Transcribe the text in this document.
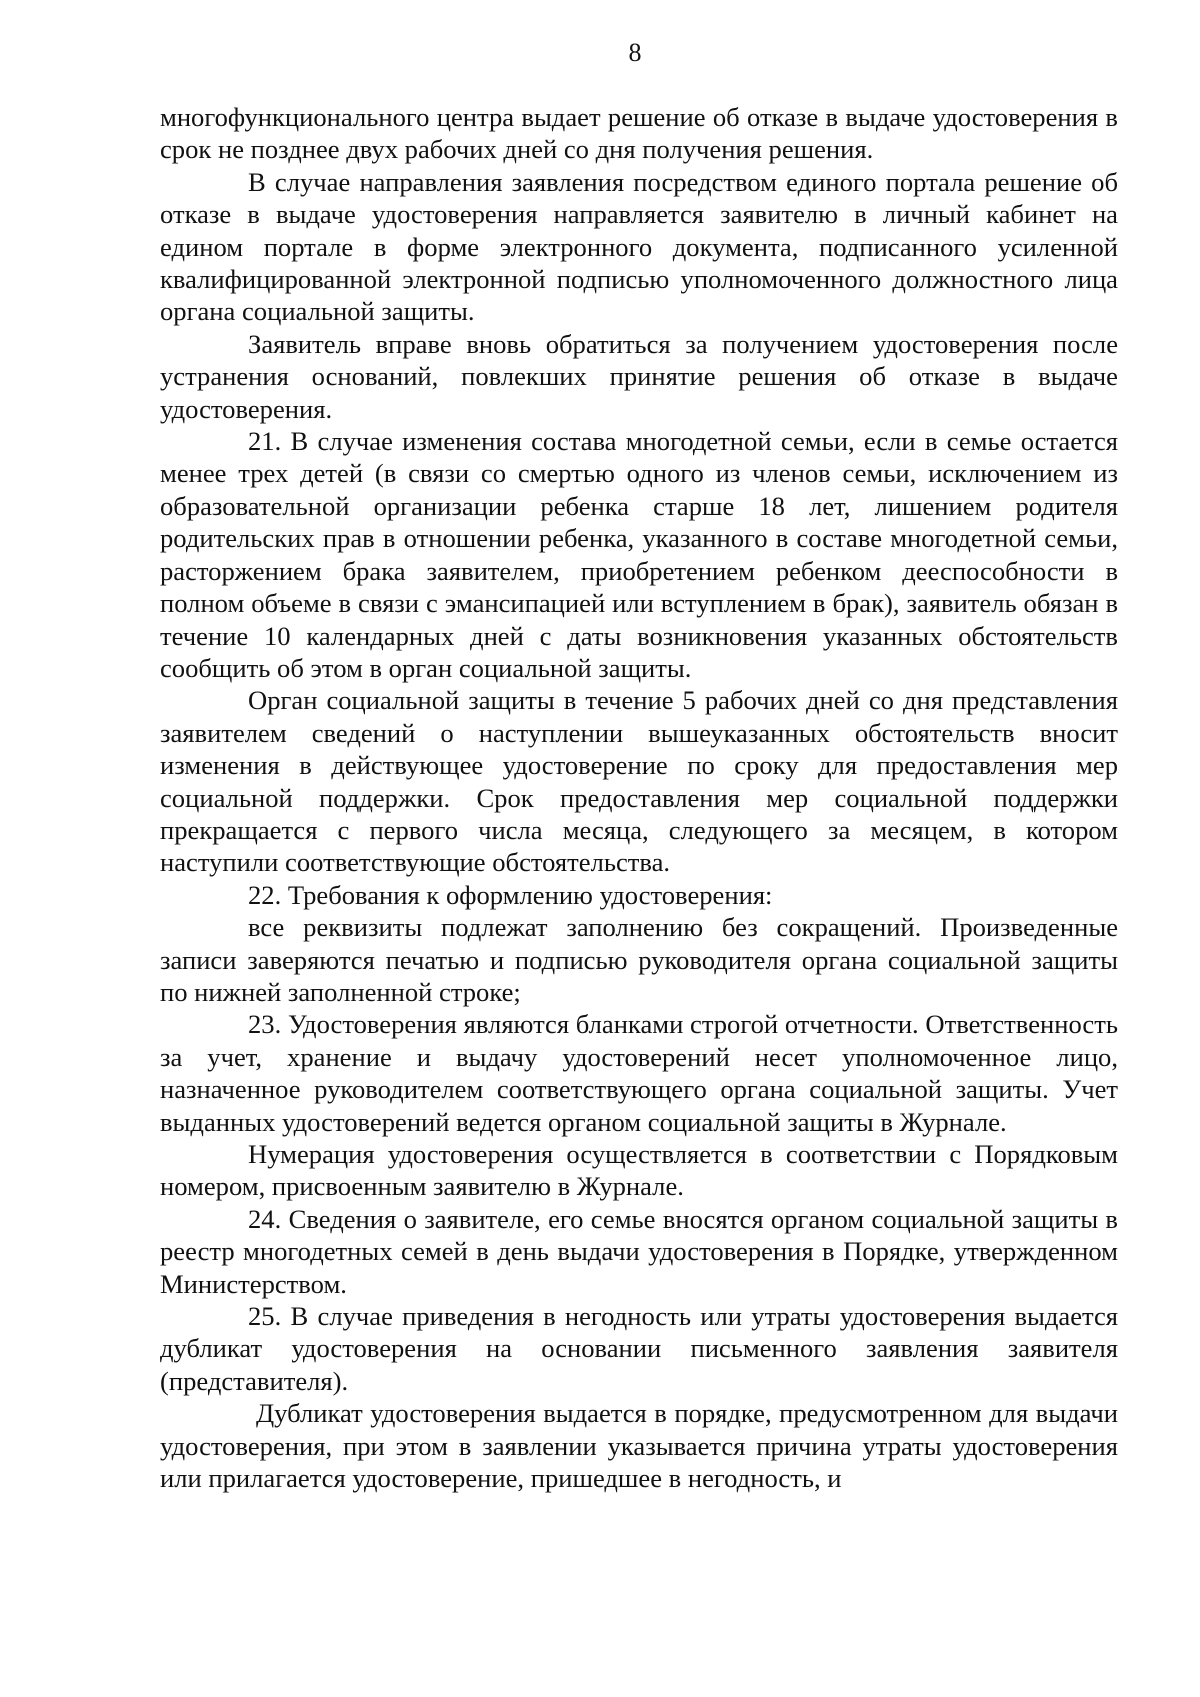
8

многофункционального центра выдает решение об отказе в выдаче удостоверения в срок не позднее двух рабочих дней со дня получения решения.

В случае направления заявления посредством единого портала решение об отказе в выдаче удостоверения направляется заявителю в личный кабинет на едином портале в форме электронного документа, подписанного усиленной квалифицированной электронной подписью уполномоченного должностного лица органа социальной защиты.

Заявитель вправе вновь обратиться за получением удостоверения после устранения оснований, повлекших принятие решения об отказе в выдаче удостоверения.

21. В случае изменения состава многодетной семьи, если в семье остается менее трех детей (в связи со смертью одного из членов семьи, исключением из образовательной организации ребенка старше 18 лет, лишением родителя родительских прав в отношении ребенка, указанного в составе многодетной семьи, расторжением брака заявителем, приобретением ребенком дееспособности в полном объеме в связи с эмансипацией или вступлением в брак), заявитель обязан в течение 10 календарных дней с даты возникновения указанных обстоятельств сообщить об этом в орган социальной защиты.

Орган социальной защиты в течение 5 рабочих дней со дня представления заявителем сведений о наступлении вышеуказанных обстоятельств вносит изменения в действующее удостоверение по сроку для предоставления мер социальной поддержки. Срок предоставления мер социальной поддержки прекращается с первого числа месяца, следующего за месяцем, в котором наступили соответствующие обстоятельства.

22. Требования к оформлению удостоверения:

все реквизиты подлежат заполнению без сокращений. Произведенные записи заверяются печатью и подписью руководителя органа социальной защиты по нижней заполненной строке;

23. Удостоверения являются бланками строгой отчетности. Ответственность за учет, хранение и выдачу удостоверений несет уполномоченное лицо, назначенное руководителем соответствующего органа социальной защиты. Учет выданных удостоверений ведется органом социальной защиты в Журнале.

Нумерация удостоверения осуществляется в соответствии с Порядковым номером, присвоенным заявителю в Журнале.

24. Сведения о заявителе, его семье вносятся органом социальной защиты в реестр многодетных семей в день выдачи удостоверения в Порядке, утвержденном Министерством.

25. В случае приведения в негодность или утраты удостоверения выдается дубликат удостоверения на основании письменного заявления заявителя (представителя).

Дубликат удостоверения выдается в порядке, предусмотренном для выдачи удостоверения, при этом в заявлении указывается причина утраты удостоверения или прилагается удостоверение, пришедшее в негодность, и
